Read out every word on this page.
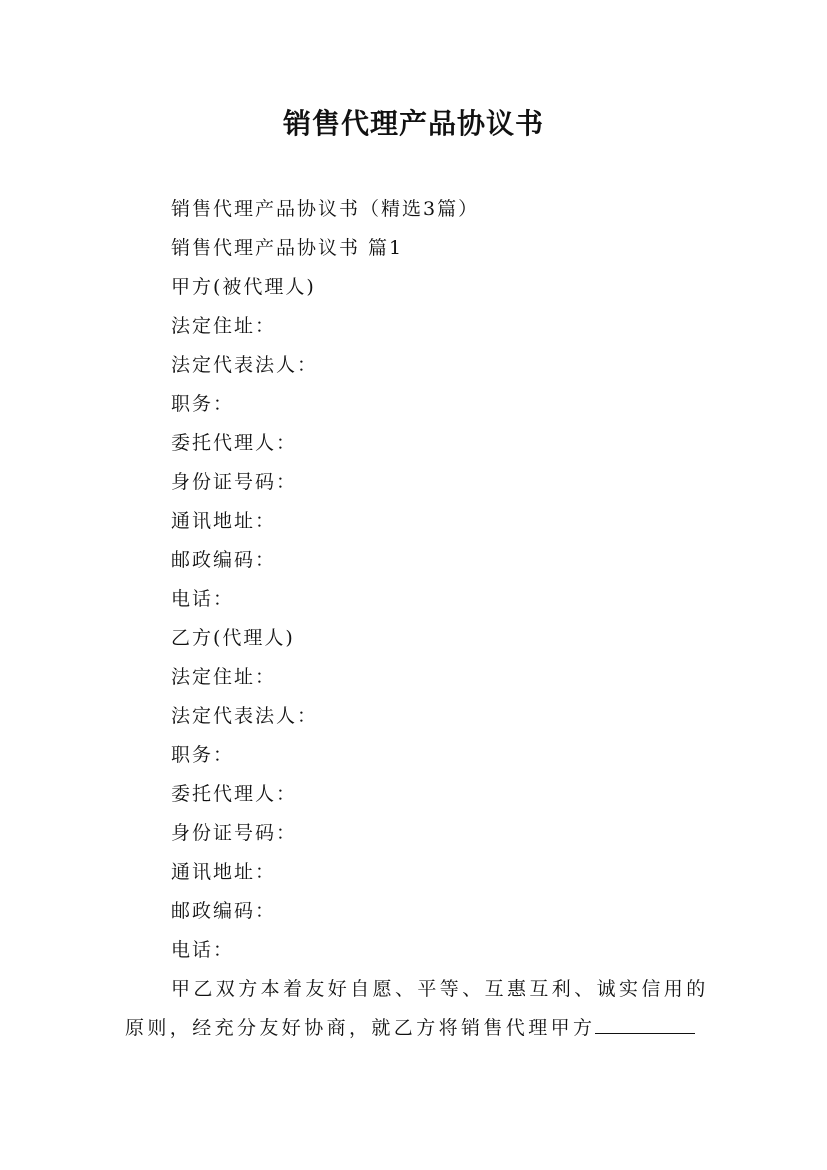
销售代理产品协议书
销售代理产品协议书（精选3篇）
销售代理产品协议书 篇1
甲方(被代理人)
法定住址：
法定代表法人：
职务：
委托代理人：
身份证号码：
通讯地址：
邮政编码：
电话：
乙方(代理人)
法定住址：
法定代表法人：
职务：
委托代理人：
身份证号码：
通讯地址：
邮政编码：
电话：
甲乙双方本着友好自愿、平等、互惠互利、诚实信用的
原则，经充分友好协商，就乙方将销售代理甲方
